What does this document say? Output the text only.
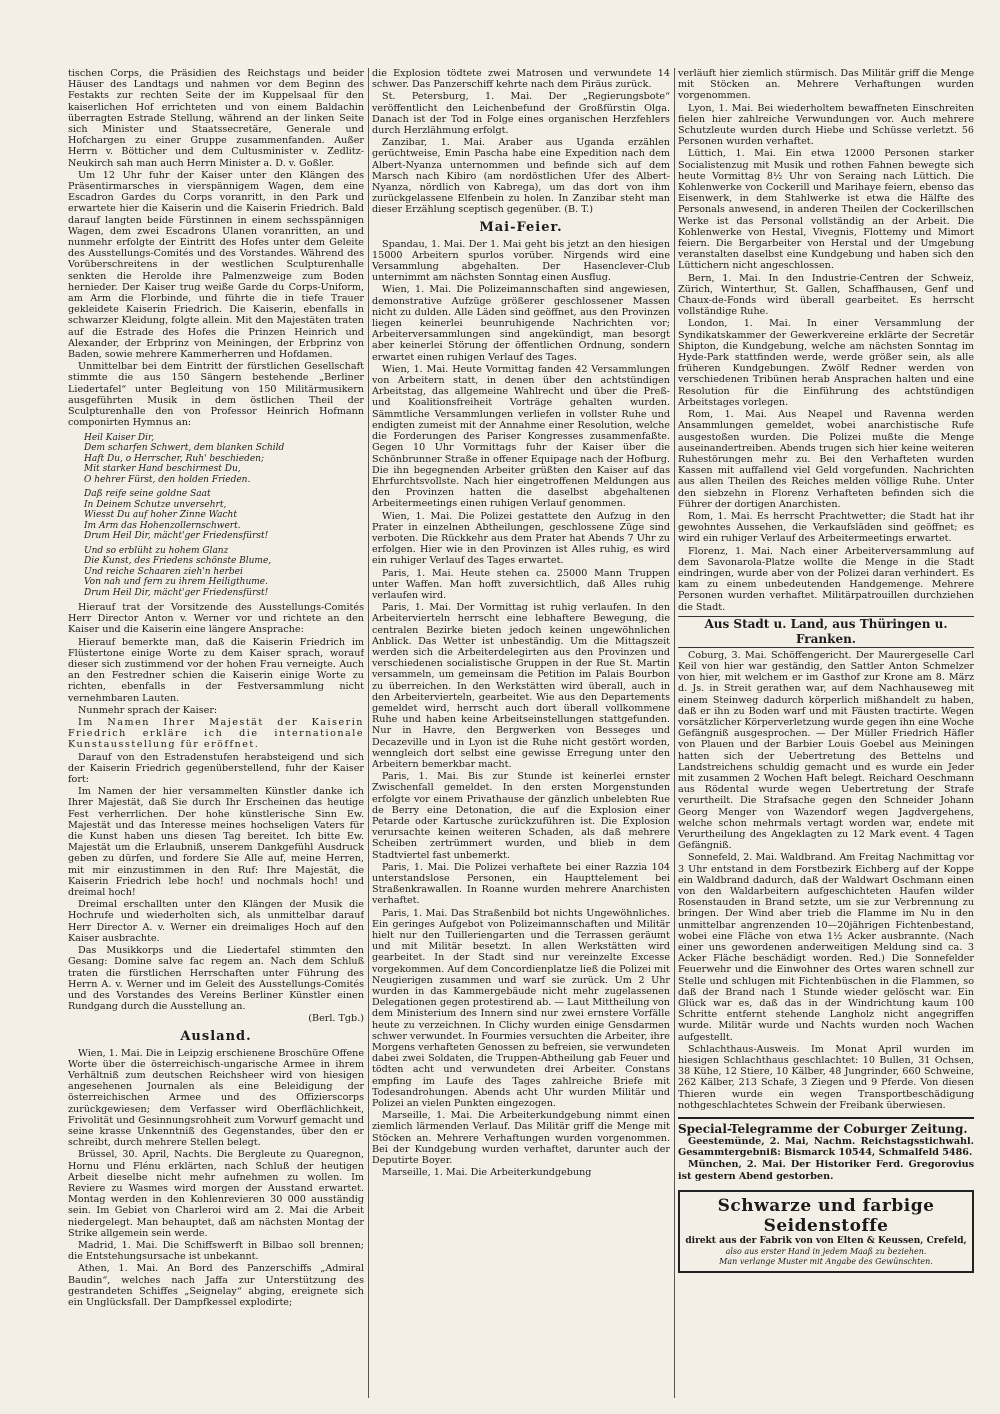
tischen Corps, die Präsidien des Reichstags und beider Häuser des Landtags und nahmen vor dem Beginn des Festakts zur rechten Seite der im Kuppelsaal für den kaiserlichen Hof errichteten und von einem Baldachin überragten Estrade Stellung, während an der linken Seite sich Minister und Staatssecretäre, Generale und Hofchargen zu einer Gruppe zusammenfanden. Außer Herrn v. Bötticher und dem Cultusminister v. Zedlitz-Neukirch sah man auch Herrn Minister a. D. v. Goßler.

Um 12 Uhr fuhr der Kaiser unter den Klängen des Präsentirmarsches in vierspännigem Wagen, dem eine Escadron Gardes du Corps voranritt, in den Park und erwartete hier die Kaiserin und die Kaiserin Friedrich. Bald darauf langten beide Fürstinnen in einem sechsspännigen Wagen, dem zwei Escadrons Ulanen voranritten, an und nunmehr erfolgte der Eintritt des Hofes unter dem Geleite des Ausstellungs-Comités und des Vorstandes. Während des Vorüberschreitens in der westlichen Sculpturenhalle senkten die Herolde ihre Palmenzweige zum Boden hernieder. Der Kaiser trug weiße Garde du Corps-Uniform, am Arm die Florbinde, und führte die in tiefe Trauer gekleidete Kaiserin Friedrich. Die Kaiserin, ebenfalls in schwarzer Kleidung, folgte allein. Mit den Majestäten traten auf die Estrade des Hofes die Prinzen Heinrich und Alexander, der Erbprinz von Meiningen, der Erbprinz von Baden, sowie mehrere Kammerherren und Hofdamen.

Unmittelbar bei dem Eintritt der fürstlichen Gesellschaft stimmte die aus 150 Sängern bestehende „Berliner Liedertafel“ unter Begleitung von 150 Militärmusikern ausgeführten Musik in dem östlichen Theil der Sculpturenhalle den von Professor Heinrich Hofmann componirten Hymnus an:

Heil Kaiser Dir,
Dem scharfen Schwert, dem blanken Schild
Haft Du, o Herrscher, Ruh' beschieden;
Mit starker Hand beschirmest Du,
O hehrer Fürst, den holden Frieden.
Daß reife seine goldne Saat
In Deinem Schutze unversehrt,
Wiesst Du auf hoher Zinne Wacht
Im Arm das Hohenzollernschwert.
Drum Heil Dir, mächt'ger Friedensfürst!
Und so erblüht zu hohem Glanz
Die Kunst, des Friedens schönste Blume,
Und reiche Schaaren zieh'n herbei
Von nah und fern zu ihrem Heiligthume.
Drum Heil Dir, mächt'ger Friedensfürst!

Hierauf trat der Vorsitzende des Ausstellungs-Comités Herr Director Anton v. Werner vor und richtete an den Kaiser und die Kaiserin eine längere Ansprache:

Hierauf bemerkte man, daß die Kaiserin Friedrich im Flüstertone einige Worte zu dem Kaiser sprach, worauf dieser sich zustimmend vor der hohen Frau verneigte. Auch an den Festredner schien die Kaiserin einige Worte zu richten, ebenfalls in der Festversammlung nicht vernehmbaren Lauten.

Nunmehr sprach der Kaiser:

Im Namen Ihrer Majestät der Kaiserin Friedrich erkläre ich die internationale Kunstausstellung für eröffnet.

Darauf von den Estradenstufen herabsteigend und sich der Kaiserin Friedrich gegenüberstellend, fuhr der Kaiser fort:

Im Namen der hier versammelten Künstler danke ich Ihrer Majestät, daß Sie durch Ihr Erscheinen das heutige Fest verherrlichen. Der hohe künstlerische Sinn Ew. Majestät und das Interesse meines hochseligen Vaters für die Kunst haben uns diesen Tag bereitet. Ich bitte Ew. Majestät um die Erlaubniß, unserem Dankgefühl Ausdruck geben zu dürfen, und fordere Sie Alle auf, meine Herren, mit mir einzustimmen in den Ruf: Ihre Majestät, die Kaiserin Friedrich lebe hoch! und nochmals hoch! und dreimal hoch!

Dreimal erschallten unter den Klängen der Musik die Hochrufe und wiederholten sich, als unmittelbar darauf Herr Director A. v. Werner ein dreimaliges Hoch auf den Kaiser ausbrachte.

Das Musikkorps und die Liedertafel stimmten den Gesang: Domine salve fac regem an. Nach dem Schluß traten die fürstlichen Herrschaften unter Führung des Herrn A. v. Werner und im Geleit des Ausstellungs-Comités und des Vorstandes des Vereins Berliner Künstler einen Rundgang durch die Ausstellung an.

(Berl. Tgb.)

Ausland.

Wien, 1. Mai. Die in Leipzig erschienene Broschüre Offene Worte über die österreichisch-ungarische Armee in ihrem Verhältniß zum deutschen Reichsheer wird von hiesigen angesehenen Journalen als eine Beleidigung der österreichischen Armee und des Offizierscorps zurückgewiesen; dem Verfasser wird Oberflächlichkeit, Frivolität und Gesinnungsrohheit zum Vorwurf gemacht und seine krasse Unkenntniß des Gegenstandes, über den er schreibt, durch mehrere Stellen belegt.

Brüssel, 30. April, Nachts. Die Bergleute zu Quaregnon, Hornu und Flénu erklärten, nach Schluß der heutigen Arbeit dieselbe nicht mehr aufnehmen zu wollen. Im Reviere zu Wasmes wird morgen der Ausstand erwartet. Montag werden in den Kohlenrevieren 30 000 ausständig sein. Im Gebiet von Charleroi wird am 2. Mai die Arbeit niedergelegt. Man behauptet, daß am nächsten Montag der Strike allgemein sein werde.

Madrid, 1. Mai. Die Schiffswerft in Bilbao soll brennen; die Entstehungsursache ist unbekannt.

Athen, 1. Mai. An Bord des Panzerschiffs „Admiral Baudin“, welches nach Jaffa zur Unterstützung des gestrandeten Schiffes „Seignelay“ abging, ereignete sich ein Unglücksfall. Der Dampfkessel explodirte;

die Explosion tödtete zwei Matrosen und verwundete 14 schwer. Das Panzerschiff kehrte nach dem Piräus zurück.

St. Petersburg, 1. Mai. Der „Regierungsbote“ veröffentlicht den Leichenbefund der Großfürstin Olga. Danach ist der Tod in Folge eines organischen Herzfehlers durch Herzlähmung erfolgt.

Zanzibar, 1. Mai. Araber aus Uganda erzählen gerüchtweise, Emin Pascha habe eine Expedition nach dem Albert-Nyanza unternommen und befinde sich auf dem Marsch nach Kibiro (am nordöstlichen Ufer des Albert-Nyanza, nördlich von Kabrega), um das dort von ihm zurückgelassene Elfenbein zu holen. In Zanzibar steht man dieser Erzählung sceptisch gegenüber. (B. T.)

Mai-Feier.

Spandau, 1. Mai. Der 1. Mai geht bis jetzt an den hiesigen 15000 Arbeitern spurlos vorüber. Nirgends wird eine Versammlung abgehalten. Der Hasenclever-Club unternimmt am nächsten Sonntag einen Ausflug.

Wien, 1. Mai. Die Polizeimannschaften sind angewiesen, demonstrative Aufzüge größerer geschlossener Massen nicht zu dulden. Alle Läden sind geöffnet, aus den Provinzen liegen keinerlei beunruhigende Nachrichten vor; Arbeiterversammlungen sind angekündigt, man besorgt aber keinerlei Störung der öffentlichen Ordnung, sondern erwartet einen ruhigen Verlauf des Tages.

Wien, 1. Mai. Heute Vormittag fanden 42 Versammlungen von Arbeitern statt, in denen über den achtstündigen Arbeitstag, das allgemeine Wahlrecht und über die Preß- und Koalitionsfreiheit Vorträge gehalten wurden. Sämmtliche Versammlungen verliefen in vollster Ruhe und endigten zumeist mit der Annahme einer Resolution, welche die Forderungen des Pariser Kongresses zusammenfaßte. Gegen 10 Uhr Vormittags fuhr der Kaiser über die Schönbrunner Straße in offener Equipage nach der Hofburg. Die ihn begegnenden Arbeiter grüßten den Kaiser auf das Ehrfurchtsvollste. Nach hier eingetroffenen Meldungen aus den Provinzen hatten die daselbst abgehaltenen Arbeitermeetings einen ruhigen Verlauf genommen.

Wien, 1. Mai. Die Polizei gestattete den Aufzug in den Prater in einzelnen Abtheilungen, geschlossene Züge sind verboten. Die Rückkehr aus dem Prater hat Abends 7 Uhr zu erfolgen. Hier wie in den Provinzen ist Alles ruhig, es wird ein ruhiger Verlauf des Tages erwartet.

Paris, 1. Mai. Heute stehen ca. 25000 Mann Truppen unter Waffen. Man hofft zuversichtlich, daß Alles ruhig verlaufen wird.

Paris, 1. Mai. Der Vormittag ist ruhig verlaufen. In den Arbeitervierteln herrscht eine lebhaftere Bewegung, die centralen Bezirke bieten jedoch keinen ungewöhnlichen Anblick. Das Wetter ist unbeständig. Um die Mittagszeit werden sich die Arbeiterdelegirten aus den Provinzen und verschiedenen socialistische Gruppen in der Rue St. Martin versammeln, um gemeinsam die Petition im Palais Bourbon zu überreichen. In den Werkstätten wird überall, auch in den Arbeitervierteln, gearbeitet. Wie aus den Departements gemeldet wird, herrscht auch dort überall vollkommene Ruhe und haben keine Arbeitseinstellungen stattgefunden. Nur in Havre, den Bergwerken von Besseges und Decazeville und in Lyon ist die Ruhe nicht gestört worden, wenngleich dort selbst eine gewisse Erregung unter den Arbeitern bemerkbar macht.

Paris, 1. Mai. Bis zur Stunde ist keinerlei ernster Zwischenfall gemeldet. In den ersten Morgenstunden erfolgte vor einem Privathause der gänzlich unbelebten Rue de Berry eine Detonation, die auf die Explosion einer Petarde oder Kartusche zurückzuführen ist. Die Explosion verursachte keinen weiteren Schaden, als daß mehrere Scheiben zertrümmert wurden, und blieb in dem Stadtviertel fast unbemerkt.

Paris, 1. Mai. Die Polizei verhaftete bei einer Razzia 104 unterstandslose Personen, ein Haupttelement bei Straßenkrawallen. In Roanne wurden mehrere Anarchisten verhaftet.

Paris, 1. Mai. Das Straßenbild bot nichts Ungewöhnliches. Ein geringes Aufgebot von Polizeimannschaften und Militär hielt nur den Tuilleriengarten und die Terrassen geräumt und mit Militär besetzt. In allen Werkstätten wird gearbeitet. In der Stadt sind nur vereinzelte Excesse vorgekommen. Auf dem Concordienplatze ließ die Polizei mit Neugierigen zusammen und warf sie zurück. Um 2 Uhr wurden in das Kammergebäude nicht mehr zugelassenen Delegationen gegen protestirend ab. — Laut Mittheilung von dem Ministerium des Innern sind nur zwei ernstere Vorfälle heute zu verzeichnen. In Clichy wurden einige Gensdarmen schwer verwundet. In Fourmies versuchten die Arbeiter, ihre Morgens verhafteten Genossen zu befreien, sie verwundeten dabei zwei Soldaten, die Truppen-Abtheilung gab Feuer und tödten acht und verwundeten drei Arbeiter. Constans empfing im Laufe des Tages zahlreiche Briefe mit Todesandrohungen. Abends acht Uhr wurden Militär und Polizei an vielen Punkten eingezogen.

Marseille, 1. Mai. Die Arbeiterkundgebung nimmt einen ziemlich lärmenden Verlauf. Das Militär griff die Menge mit Stöcken an. Mehrere Verhaftungen wurden vorgenommen. Bei der Kundgebung wurden verhaftet, darunter auch der Deputirte Boyer.

Marseille, 1. Mai. Die Arbeiterkundgebung

verläuft hier ziemlich stürmisch. Das Militär griff die Menge mit Stöcken an. Mehrere Verhaftungen wurden vorgenommen.

Lyon, 1. Mai. Bei wiederholtem bewaffneten Einschreiten fielen hier zahlreiche Verwundungen vor. Auch mehrere Schutzleute wurden durch Hiebe und Schüsse verletzt. 56 Personen wurden verhaftet.

Lüttich, 1. Mai. Ein etwa 12000 Personen starker Socialistenzug mit Musik und rothen Fahnen bewegte sich heute Vormittag 8½ Uhr von Seraing nach Lüttich. Die Kohlenwerke von Cockerill und Marihaye feiern, ebenso das Eisenwerk, in dem Stahlwerke ist etwa die Hälfte des Personals anwesend, in anderen Theilen der Cockerillschen Werke ist das Personal vollständig an der Arbeit. Die Kohlenwerke von Hestal, Vivegnis, Flottemy und Mimort feiern. Die Bergarbeiter von Herstal und der Umgebung veranstalten daselbst eine Kundgebung und haben sich den Lüttichern nicht angeschlossen.

Bern, 1. Mai. In den Industrie-Centren der Schweiz, Zürich, Winterthur, St. Gallen, Schaffhausen, Genf und Chaux-de-Fonds wird überall gearbeitet. Es herrscht vollständige Ruhe.

London, 1. Mai. In einer Versammlung der Syndikatskammer der Gewerkvereine erklärte der Secretär Shipton, die Kundgebung, welche am nächsten Sonntag im Hyde-Park stattfinden werde, werde größer sein, als alle früheren Kundgebungen. Zwölf Redner werden von verschiedenen Tribünen herab Ansprachen halten und eine Resolution für die Einführung des achtstündigen Arbeitstages vorlegen.

Rom, 1. Mai. Aus Neapel und Ravenna werden Ansammlungen gemeldet, wobei anarchistische Rufe ausgestoßen wurden. Die Polizei mußte die Menge auseinandertreiben. Abends trugen sich hier keine weiteren Ruhestörungen mehr zu. Bei den Verhafteten wurden Kassen mit auffallend viel Geld vorgefunden. Nachrichten aus allen Theilen des Reiches melden völlige Ruhe. Unter den siebzehn in Florenz Verhafteten befinden sich die Führer der dortigen Anarchisten.

Rom, 1. Mai. Es herrscht Prachtwetter; die Stadt hat ihr gewohntes Aussehen, die Verkaufsläden sind geöffnet; es wird ein ruhiger Verlauf des Arbeitermeetings erwartet.

Florenz, 1. Mai. Nach einer Arbeiterversammlung auf dem Savonarola-Platze wollte die Menge in die Stadt eindringen, wurde aber von der Polizei daran verhindert. Es kam zu einem unbedeutenden Handgemenge. Mehrere Personen wurden verhaftet. Militärpatrouillen durchziehen die Stadt.

Aus Stadt u. Land, aus Thüringen u. Franken.

Coburg, 3. Mai. Schöffengericht. Der Maurergeselle Carl Keil von hier war geständig, den Sattler Anton Schmelzer von hier, mit welchem er im Gasthof zur Krone am 8. März d. Js. in Streit gerathen war, auf dem Nachhauseweg mit einem Steinweg dadurch körperlich mißhandelt zu haben, daß er ihn zu Boden warf und mit Fäusten tractirte. Wegen vorsätzlicher Körperverletzung wurde gegen ihn eine Woche Gefängniß ausgesprochen. — Der Müller Friedrich Häfler von Plauen und der Barbier Louis Goebel aus Meiningen hatten sich der Uebertretung des Bettelns und Landstreichens schuldig gemacht und es wurde ein Jeder mit zusammen 2 Wochen Haft belegt. Reichard Oeschmann aus Rödental wurde wegen Uebertretung der Strafe verurtheilt. Die Strafsache gegen den Schneider Johann Georg Menger von Wazendorf wegen Jagdvergehens, welche schon mehrmals vertagt worden war, endete mit Verurtheilung des Angeklagten zu 12 Mark event. 4 Tagen Gefängniß.

Sonnefeld, 2. Mai. Waldbrand. Am Freitag Nachmittag vor 3 Uhr entstand in dem Forstbezirk Eichberg auf der Koppe ein Waldbrand dadurch, daß der Waldwart Oschmann einen von den Waldarbeitern aufgeschichteten Haufen wilder Rosenstauden in Brand setzte, um sie zur Verbrennung zu bringen. Der Wind aber trieb die Flamme im Nu in den unmittelbar angrenzenden 10—20jährigen Fichtenbestand, wobei eine Fläche von etwa 1½ Acker ausbrannte. (Nach einer uns gewordenen anderweitigen Meldung sind ca. 3 Acker Fläche beschädigt worden. Red.) Die Sonnefelder Feuerwehr und die Einwohner des Ortes waren schnell zur Stelle und schlugen mit Fichtenbüschen in die Flammen, so daß der Brand nach 1 Stunde wieder gelöscht war. Ein Glück war es, daß das in der Windrichtung kaum 100 Schritte entfernt stehende Langholz nicht angegriffen wurde. Militär wurde und Nachts wurden noch Wachen aufgestellt.

Schlachthaus-Ausweis. Im Monat April wurden im hiesigen Schlachthaus geschlachtet: 10 Bullen, 31 Ochsen, 38 Kühe, 12 Stiere, 10 Kälber, 48 Jungrinder, 660 Schweine, 262 Kälber, 213 Schafe, 3 Ziegen und 9 Pferde. Von diesen Thieren wurde ein wegen Transportbeschädigung nothgeschlachtetes Schwein der Freibank überwiesen.

Special-Telegramme der Coburger Zeitung.

Geestemünde, 2. Mai, Nachm. Reichstagsstichwahl. Gesammtergebniß: Bismarck 10544, Schmalfeld 5486.

München, 2. Mai. Der Historiker Ferd. Gregorovius ist gestern Abend gestorben.

Schwarze und farbige Seidenstoffe
direkt aus der Fabrik von von Elten & Keussen, Crefeld,
also aus erster Hand in jedem Maaß zu beziehen.
Man verlange Muster mit Angabe des Gewünschten.
